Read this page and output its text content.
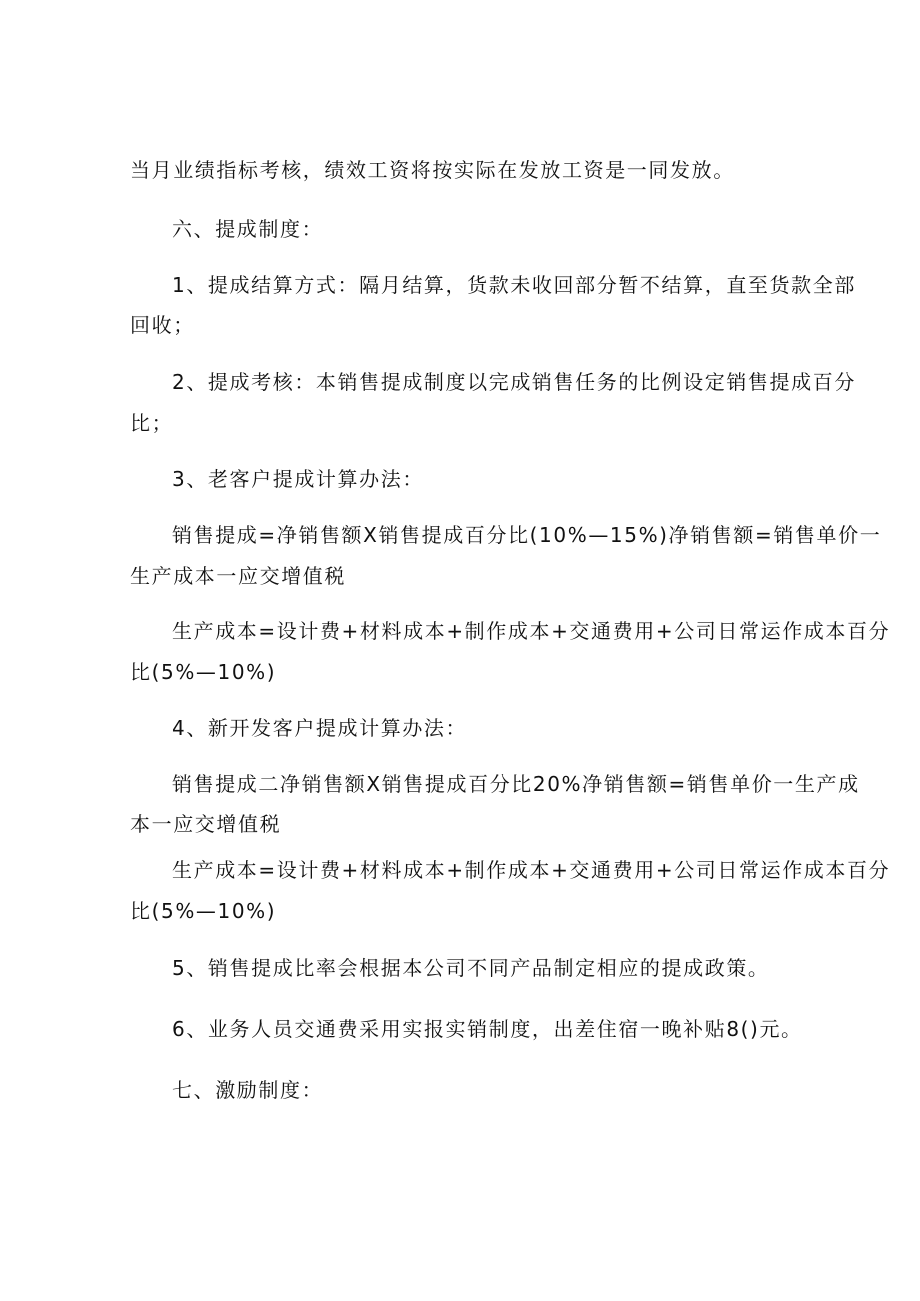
当月业绩指标考核，绩效工资将按实际在发放工资是一同发放。
六、提成制度：
1、提成结算方式：隔月结算，货款未收回部分暂不结算，直至货款全部
回收；
2、提成考核：本销售提成制度以完成销售任务的比例设定销售提成百分
比；
3、老客户提成计算办法：
销售提成=净销售额X销售提成百分比(10%—15%)净销售额=销售单价一
生产成本一应交增值税
生产成本=设计费+材料成本+制作成本+交通费用+公司日常运作成本百分
比(5%—10%)
4、新开发客户提成计算办法：
销售提成二净销售额X销售提成百分比20%净销售额=销售单价一生产成
本一应交增值税
生产成本=设计费+材料成本+制作成本+交通费用+公司日常运作成本百分
比(5%—10%)
5、销售提成比率会根据本公司不同产品制定相应的提成政策。
6、业务人员交通费采用实报实销制度，出差住宿一晚补贴8()元。
七、激励制度：
